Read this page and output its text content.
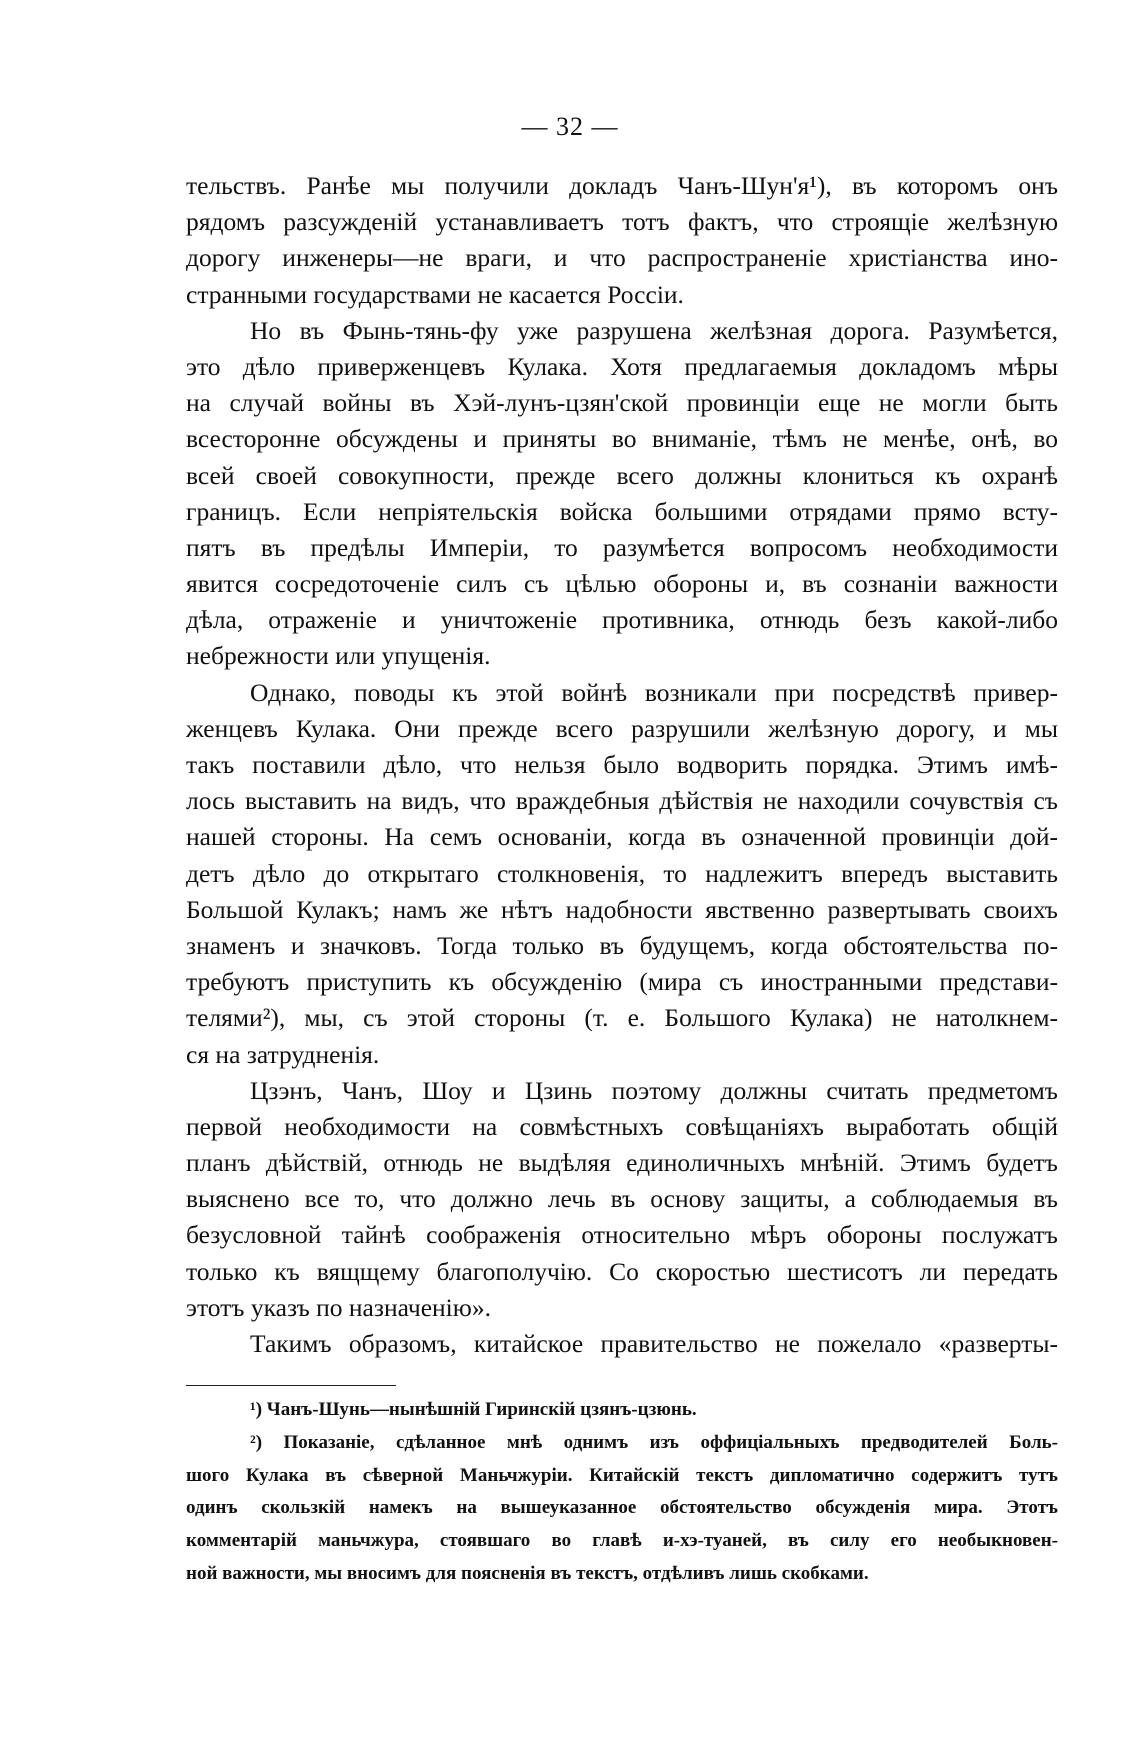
— 32 —
тельствъ. Ранѣе мы получили докладъ Чанъ-Шун'я¹), въ которомъ онъ
рядомъ разсужденій устанавливаетъ тотъ фактъ, что строящіе желѣзную
дорогу инженеры—не враги, и что распространеніе христіанства ино-
странными государствами не касается Россіи.
Но въ Фынь-тянь-фу уже разрушена желѣзная дорога. Разумѣется,
это дѣло приверженцевъ Кулака. Хотя предлагаемыя докладомъ мѣры
на случай войны въ Хэй-лунъ-цзян'ской провинціи еще не могли быть
всесторонне обсуждены и приняты во вниманіе, тѣмъ не менѣе, онѣ, во
всей своей совокупности, прежде всего должны клониться къ охранѣ
границъ. Если непріятельскія войска большими отрядами прямо всту-
пятъ въ предѣлы Имперіи, то разумѣется вопросомъ необходимости
явится сосредоточеніе силъ съ цѣлью обороны и, въ сознаніи важности
дѣла, отраженіе и уничтоженіе противника, отнюдь безъ какой-либо
небрежности или упущенія.
Однако, поводы къ этой войнѣ возникали при посредствѣ привер-
женцевъ Кулака. Они прежде всего разрушили желѣзную дорогу, и мы
такъ поставили дѣло, что нельзя было водворить порядка. Этимъ имѣ-
лось выставить на видъ, что враждебныя дѣйствія не находили сочувствія съ
нашей стороны. На семъ основаніи, когда въ означенной провинціи дой-
детъ дѣло до открытаго столкновенія, то надлежитъ впередъ выставить
Большой Кулакъ; намъ же нѣтъ надобности явственно развертывать своихъ
знаменъ и значковъ. Тогда только въ будущемъ, когда обстоятельства по-
требуютъ приступить къ обсужденію (мира съ иностранными представи-
телями²), мы, съ этой стороны (т. е. Большого Кулака) не натолкнем-
ся на затрудненія.
Цзэнъ, Чанъ, Шоу и Цзинь поэтому должны считать предметомъ
первой необходимости на совмѣстныхъ совѣщаніяхъ выработать общій
планъ дѣйствій, отнюдь не выдѣляя единоличныхъ мнѣній. Этимъ будетъ
выяснено все то, что должно лечь въ основу защиты, а соблюдаемыя въ
безусловной тайнѣ соображенія относительно мѣръ обороны послужатъ
только къ вящщему благополучію. Со скоростью шестисотъ ли передать
этотъ указъ по назначенію».
Такимъ образомъ, китайское правительство не пожелало «разверты-
¹) Чанъ-Шунь—нынѣшній Гиринскій цзянъ-цзюнь.
²) Показаніе, сдѣланное мнѣ однимъ изъ оффиціальныхъ предводителей Боль-
шого Кулака въ сѣверной Маньчжуріи. Китайскій текстъ дипломатично содержитъ тутъ
одинъ скользкій намекъ на вышеуказанное обстоятельство обсужденія мира. Этотъ
комментарій маньчжура, стоявшаго во главѣ и-хэ-туаней, въ силу его необыкновен-
ной важности, мы вносимъ для поясненія въ текстъ, отдѣливъ лишь скобками.
